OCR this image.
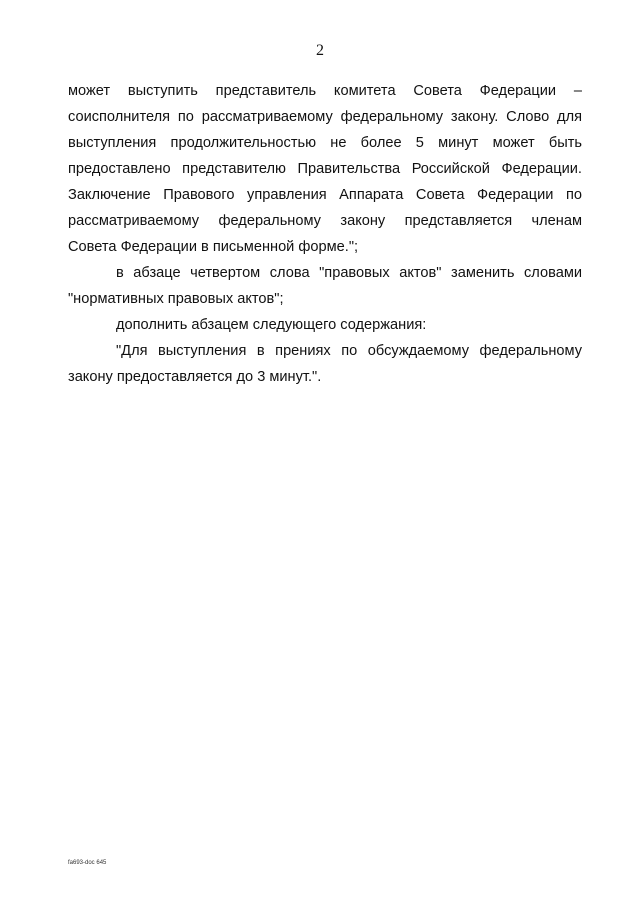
2
может выступить представитель комитета Совета Федерации –
соисполнителя по рассматриваемому федеральному закону. Слово для
выступления продолжительностью не более 5 минут может быть
предоставлено представителю Правительства Российской Федерации.
Заключение Правового управления Аппарата Совета Федерации по
рассматриваемому федеральному закону представляется членам
Совета Федерации в письменной форме.";
в абзаце четвертом слова "правовых актов" заменить словами
"нормативных правовых актов";
дополнить абзацем следующего содержания:
"Для выступления в прениях по обсуждаемому федеральному
закону предоставляется до 3 минут.".
fa693-doc 645
